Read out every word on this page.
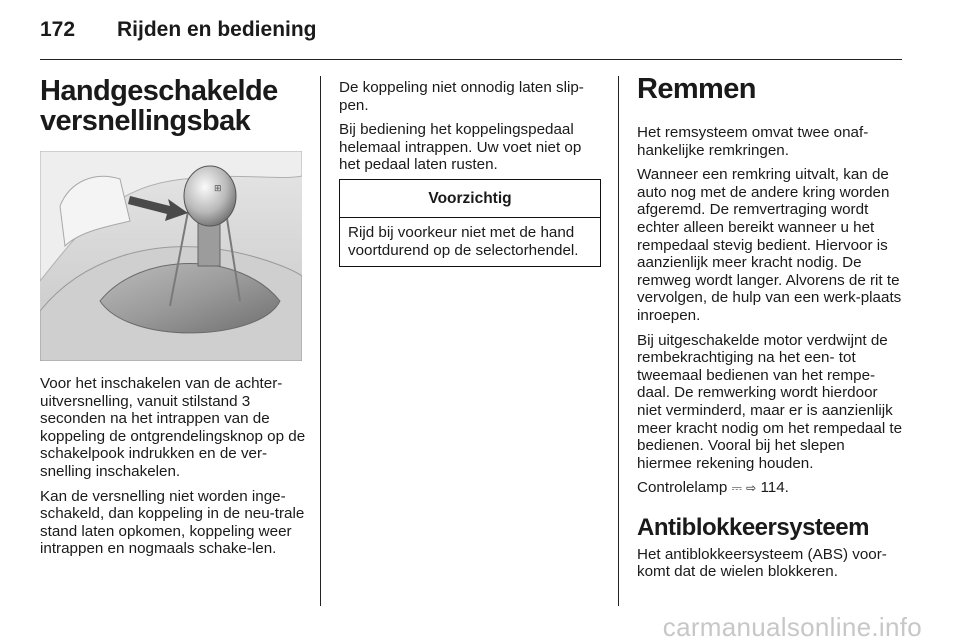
172 Rijden en bediening
Handgeschakelde
versnellingsbak
⊞

Voor het inschakelen van de achter-uitversnelling, vanuit stilstand 3 seconden na het intrappen van de koppeling de ontgrendelingsknop op de schakelpook indrukken en de ver-snelling inschakelen.

Kan de versnelling niet worden inge-schakeld, dan koppeling in de neu-trale stand laten opkomen, koppeling weer intrappen en nogmaals schake-len.

De koppeling niet onnodig laten slip-pen.

Bij bediening het koppelingspedaal helemaal intrappen. Uw voet niet op het pedaal laten rusten.

Voorzichtig
Rijd bij voorkeur niet met de hand voortdurend op de selectorhendel.
Remmen

Het remsysteem omvat twee onaf-hankelijke remkringen.

Wanneer een remkring uitvalt, kan de auto nog met de andere kring worden afgeremd. De remvertraging wordt echter alleen bereikt wanneer u het rempedaal stevig bedient. Hiervoor is aanzienlijk meer kracht nodig. De remweg wordt langer. Alvorens de rit te vervolgen, de hulp van een werk-plaats inroepen.

Bij uitgeschakelde motor verdwijnt de rembekrachtiging na het een- tot tweemaal bedienen van het rempe-daal. De remwerking wordt hierdoor niet verminderd, maar er is aanzienlijk meer kracht nodig om het rempedaal te bedienen. Vooral bij het slepen hiermee rekening houden.

Controlelamp ⎓ ⇨ 114.

Antiblokkeersysteem

Het antiblokkeersysteem (ABS) voor-komt dat de wielen blokkeren.

carmanualsonline.info
